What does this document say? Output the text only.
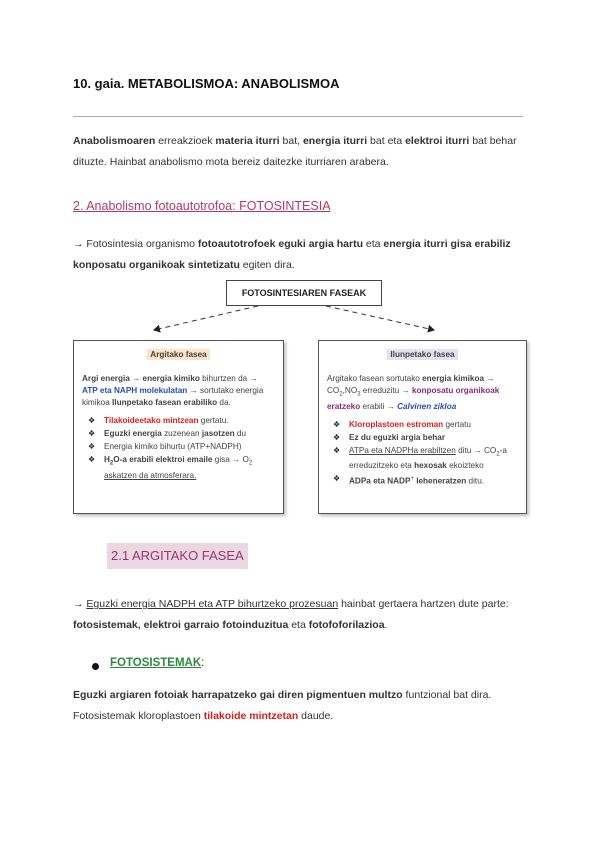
10. gaia. METABOLISMOA: ANABOLISMOA
Anabolismoaren erreakzioek materia iturri bat, energia iturri bat eta elektroi iturri bat behar dituzte. Hainbat anabolismo mota bereiz daitezke iturriaren arabera.
2. Anabolismo fotoautotrofoa: FOTOSINTESIA
→ Fotosintesia organismo fotoautotrofoek eguki argia hartu eta energia iturri gisa erabiliz konposatu organikoak sintetizatu egiten dira.
FOTOSINTESIAREN FASEAK
Argitako fasea
Argi energia → energia kimiko bihurtzen da → ATP eta NAPH molekulatan → sortutako energia kimikoa Ilunpetako fasean erabiliko da.
❖ Tilakoideetako mintzean gertatu.
❖ Eguzki energia zuzenean jasotzen du
❖ Energia kimiko bihurtu (ATP+NADPH)
❖ $H_2O-a$ erabili elektroi emaile gisa → $O_2$ askatzen da atmosferara.
Ilunpetako fasea
Argitako fasean sortutako energia kimikoa → $CO_2,NO_3$ erreduzitu → konposatu organikoak eratzeko erabili → Calvinen zikloa
❖ Kloroplastoen estroman gertatu
❖ Ez du eguzki argia behar
❖ ATPa eta NADPHa erabiltzen ditu → $CO_2-a$ erreduzitzeko eta hexosak ekoizteko
❖ ADPa eta NADP+ leheneratzen ditu.
2.1 ARGITAKO FASEA
→ Eguzki energia NADPH eta ATP bihurtzeko prozesuan hainbat gertaera hartzen dute parte: fotosistemak, elektroi garraio fotoinduzitua eta fotofoforilazioa.
FOTOSISTEMAK:
Eguzki argiaren fotoiak harrapatzeko gai diren pigmentuen multzo funtzional bat dira. Fotosistemak kloroplastoen tilakoide mintzetan daude.
